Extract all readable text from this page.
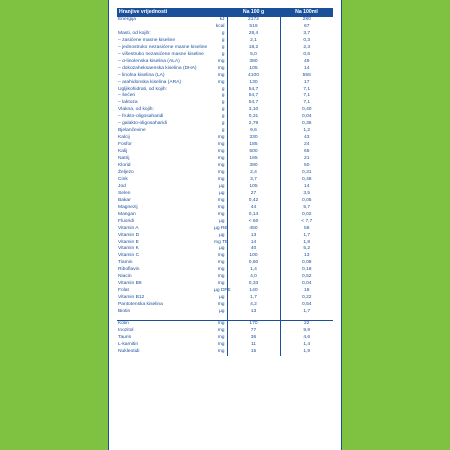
Hranjive vrijednosti		Na 100 g	Na 100ml
Energija	kJ	2172	280
	kcal	519	67
Masti, od kojih:	g	28,4	3,7
– zasićene masne kiseline	g	2,1	0,3
– jednostruko nezasićene masne kiseline	g	18,2	2,3
– višestruko nezasićene masne kiseline	g	5,0	0,6
– α-linolenska kiselina (ALA)	mg	380	49
– dokozaheksaenska kiselina (DHA)	mg	105	14
– linolna kiselina (LA)	mg	4100	555
– arahidonska kiselina (ARA)	mg	130	17
Ugljikohidrati, od kojih:	g	54,7	7,1
– šećeri	g	54,7	7,1
– laktoza	g	54,7	7,1
Vlakna, od kojih:	g	3,10	0,40
– frukto-oligosaharidi	g	0,31	0,04
– galakto-oligosaharidi	g	2,79	0,36
Bjelančevine	g	9,6	1,2
Kalcij	mg	330	43
Fosfor	mg	185	24
Kalij	mg	500	65
Natrij	mg	165	21
Klorid	mg	390	50
Željezo	mg	2,4	0,31
Cink	mg	3,7	0,48
Jod	µg	105	14
Selen	µg	27	3,5
Bakar	mg	0,42	0,05
Magnezij	mg	44	5,7
Mangan	mg	0,14	0,02
Fluoridi	µg	< 60	< 7,7
Vitamin A	µg RE	450	58
Vitamin D	µg	13	1,7
Vitamin E	mg TE	14	1,8
Vitamin K	µg	40	5,2
Vitamin C	mg	100	13
Tiamin	mg	0,60	0,08
Riboflavin	mg	1,4	0,18
Niacin	mg	4,0	0,52
Vitamin B6	mg	0,33	0,04
Folat	µg DFE	140	18
Vitamin B12	µg	1,7	0,22
Pantotenska kiselina	mg	4,2	0,54
Biotin	µg	13	1,7

Kolin	mg	170	22
Inozitol	mg	77	9,9
Taurin	mg	36	4,6
L-karnitin	mg	11	1,4
Nukleotidi	mg	15	1,9
